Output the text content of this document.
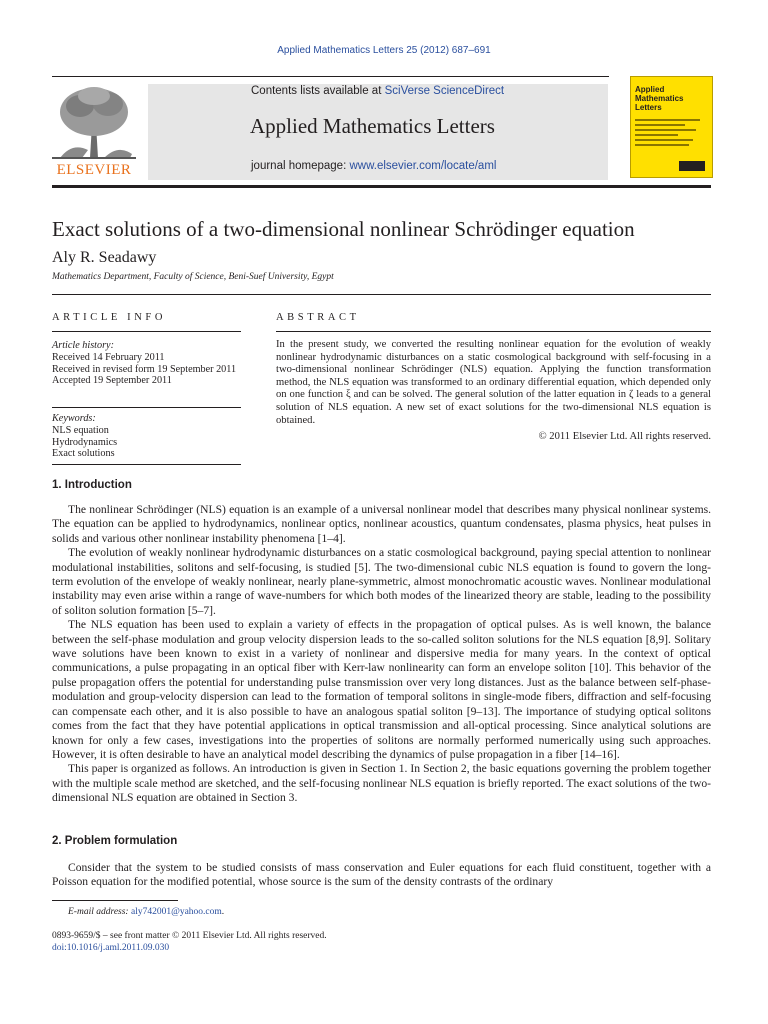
Applied Mathematics Letters 25 (2012) 687–691
ELSEVIER
Contents lists available at SciVerse ScienceDirect
Applied Mathematics Letters
journal homepage: www.elsevier.com/locate/aml
Applied
Mathematics
Letters
Exact solutions of a two-dimensional nonlinear Schrödinger equation
Aly R. Seadawy
Mathematics Department, Faculty of Science, Beni-Suef University, Egypt
ARTICLE INFO
Article history:
Received 14 February 2011
Received in revised form 19 September 2011
Accepted 19 September 2011
Keywords:
NLS equation
Hydrodynamics
Exact solutions
ABSTRACT
In the present study, we converted the resulting nonlinear equation for the evolution of weakly nonlinear hydrodynamic disturbances on a static cosmological background with self-focusing in a two-dimensional nonlinear Schrödinger (NLS) equation. Applying the function transformation method, the NLS equation was transformed to an ordinary differential equation, which depended only on one function ξ and can be solved. The general solution of the latter equation in ζ leads to a general solution of NLS equation. A new set of exact solutions for the two-dimensional NLS equation is obtained.
© 2011 Elsevier Ltd. All rights reserved.
1. Introduction

The nonlinear Schrödinger (NLS) equation is an example of a universal nonlinear model that describes many physical nonlinear systems. The equation can be applied to hydrodynamics, nonlinear optics, nonlinear acoustics, quantum condensates, plasma physics, heat pulses in solids and various other nonlinear instability phenomena [1–4].

The evolution of weakly nonlinear hydrodynamic disturbances on a static cosmological background, paying special attention to nonlinear modulational instabilities, solitons and self-focusing, is studied [5]. The two-dimensional cubic NLS equation is found to govern the long-term evolution of the envelope of weakly nonlinear, nearly plane-symmetric, almost monochromatic acoustic waves. Nonlinear modulational instability may even arise within a range of wave-numbers for which both modes of the linearized theory are stable, leading to the possibility of soliton solution formation [5–7].

The NLS equation has been used to explain a variety of effects in the propagation of optical pulses. As is well known, the balance between the self-phase modulation and group velocity dispersion leads to the so-called soliton solutions for the NLS equation [8,9]. Solitary wave solutions have been known to exist in a variety of nonlinear and dispersive media for many years. In the context of optical communications, a pulse propagating in an optical fiber with Kerr-law nonlinearity can form an envelope soliton [10]. This behavior of the pulse propagation offers the potential for understanding pulse transmission over very long distances. Just as the balance between self-phase-modulation and group-velocity dispersion can lead to the formation of temporal solitons in single-mode fibers, diffraction and self-focusing can compensate each other, and it is also possible to have an analogous spatial soliton [9–13]. The importance of studying optical solitons comes from the fact that they have potential applications in optical transmission and all-optical processing. Since analytical solutions are known for only a few cases, investigations into the properties of solitons are normally performed numerically using such approaches. However, it is often desirable to have an analytical model describing the dynamics of pulse propagation in a fiber [14–16].

This paper is organized as follows. An introduction is given in Section 1. In Section 2, the basic equations governing the problem together with the multiple scale method are sketched, and the self-focusing nonlinear NLS equation is briefly reported. The exact solutions of the two-dimensional NLS equation are obtained in Section 3.

2. Problem formulation

Consider that the system to be studied consists of mass conservation and Euler equations for each fluid constituent, together with a Poisson equation for the modified potential, whose source is the sum of the density contrasts of the ordinary

E-mail address: aly742001@yahoo.com.
0893-9659/$ – see front matter © 2011 Elsevier Ltd. All rights reserved.
doi:10.1016/j.aml.2011.09.030
